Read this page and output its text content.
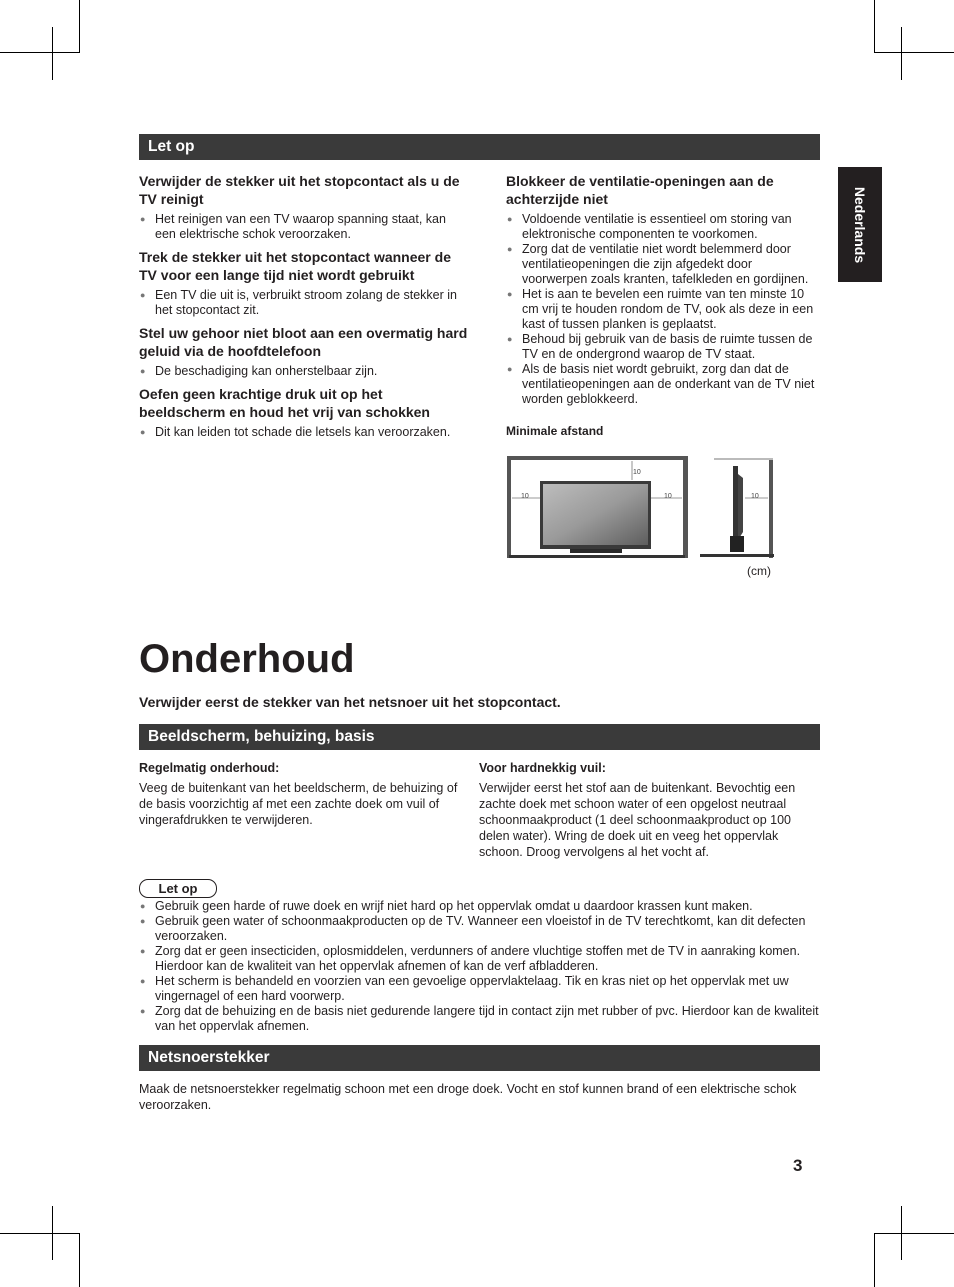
Nederlands
Let op

Verwijder de stekker uit het stopcontact als u de TV reinigt

● Het reinigen van een TV waarop spanning staat, kan een elektrische schok veroorzaken.

Trek de stekker uit het stopcontact wanneer de TV voor een lange tijd niet wordt gebruikt

● Een TV die uit is, verbruikt stroom zolang de stekker in het stopcontact zit.

Stel uw gehoor niet bloot aan een overmatig hard geluid via de hoofdtelefoon

● De beschadiging kan onherstelbaar zijn.

Oefen geen krachtige druk uit op het beeldscherm en houd het vrij van schokken

● Dit kan leiden tot schade die letsels kan veroorzaken.

Blokkeer de ventilatie-openingen aan de achterzijde niet

● Voldoende ventilatie is essentieel om storing van elektronische componenten te voorkomen.
● Zorg dat de ventilatie niet wordt belemmerd door ventilatieopeningen die zijn afgedekt door voorwerpen zoals kranten, tafelkleden en gordijnen.
● Het is aan te bevelen een ruimte van ten minste 10 cm vrij te houden rondom de TV, ook als deze in een kast of tussen planken is geplaatst.
● Behoud bij gebruik van de basis de ruimte tussen de TV en de ondergrond waarop de TV staat.
● Als de basis niet wordt gebruikt, zorg dan dat de ventilatieopeningen aan de onderkant van de TV niet worden geblokkeerd.
Minimale afstand
10
10	10	10
(cm)
Onderhoud
Verwijder eerst de stekker van het netsnoer uit het stopcontact.
Beeldscherm, behuizing, basis
Regelmatig onderhoud:
Veeg de buitenkant van het beeldscherm, de behuizing of de basis voorzichtig af met een zachte doek om vuil of vingerafdrukken te verwijderen.
Voor hardnekkig vuil:
Verwijder eerst het stof aan de buitenkant. Bevochtig een zachte doek met schoon water of een opgelost neutraal schoonmaakproduct (1 deel schoonmaakproduct op 100 delen water). Wring de doek uit en veeg het oppervlak schoon. Droog vervolgens al het vocht af.
Let op
● Gebruik geen harde of ruwe doek en wrijf niet hard op het oppervlak omdat u daardoor krassen kunt maken.
● Gebruik geen water of schoonmaakproducten op de TV. Wanneer een vloeistof in de TV terechtkomt, kan dit defecten veroorzaken.
● Zorg dat er geen insecticiden, oplosmiddelen, verdunners of andere vluchtige stoffen met de TV in aanraking komen. Hierdoor kan de kwaliteit van het oppervlak afnemen of kan de verf afbladderen.
● Het scherm is behandeld en voorzien van een gevoelige oppervlaktelaag. Tik en kras niet op het oppervlak met uw vingernagel of een hard voorwerp.
● Zorg dat de behuizing en de basis niet gedurende langere tijd in contact zijn met rubber of pvc. Hierdoor kan de kwaliteit van het oppervlak afnemen.
Netsnoerstekker
Maak de netsnoerstekker regelmatig schoon met een droge doek. Vocht en stof kunnen brand of een elektrische schok veroorzaken.
3
